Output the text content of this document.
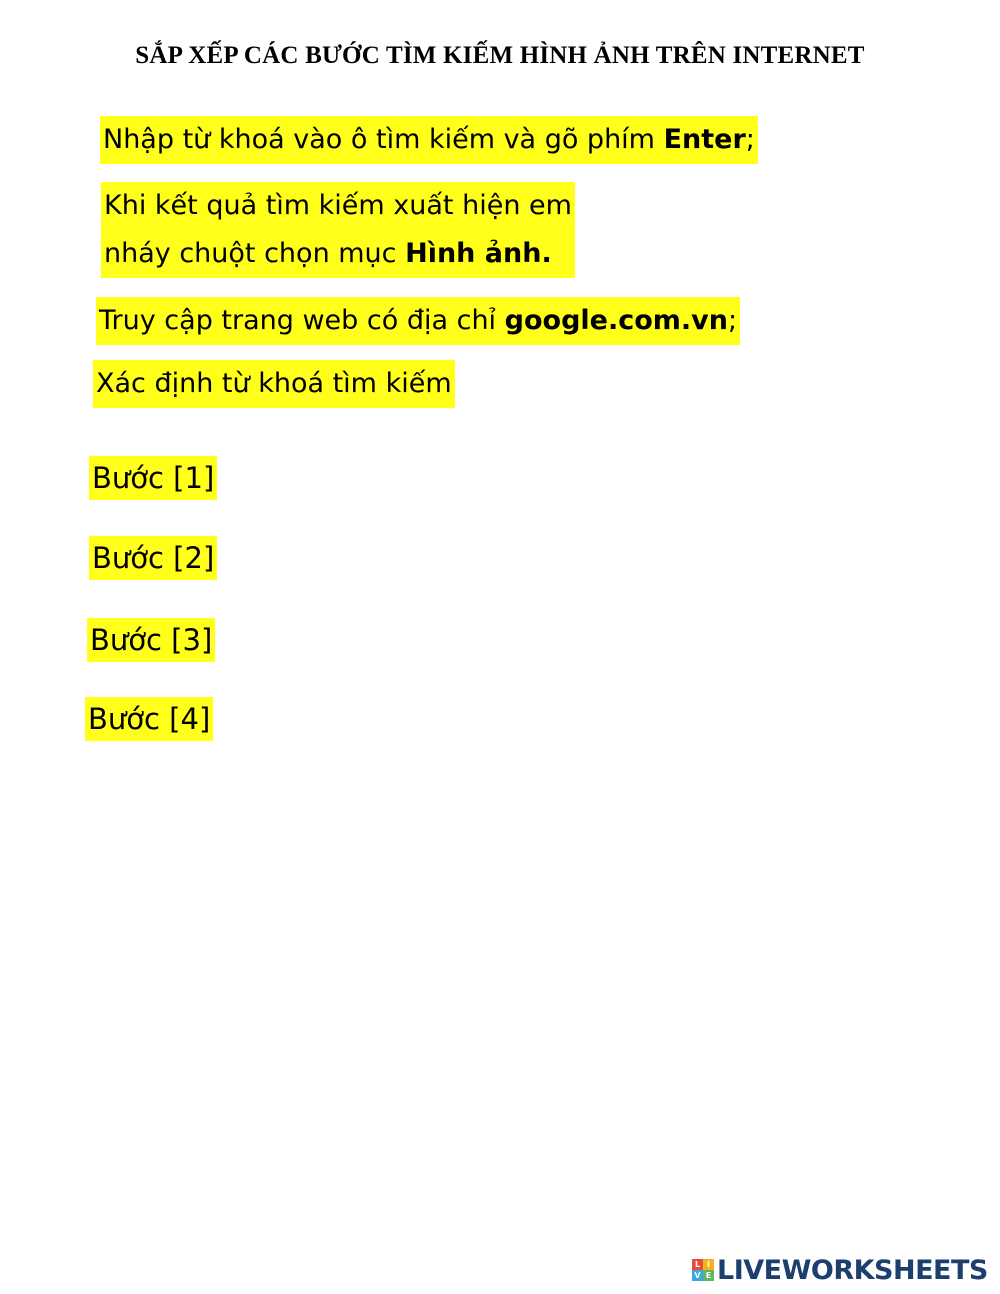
SẮP XẾP CÁC BƯỚC TÌM KIẾM HÌNH ẢNH TRÊN INTERNET
Nhập từ khoá vào ô tìm kiếm và gõ phím Enter;
Khi kết quả tìm kiếm xuất hiện em
nháy chuột chọn mục Hình ảnh.
Truy cập trang web có địa chỉ google.com.vn;
Xác định từ khoá tìm kiếm
Bước [1]
Bước [2]
Bước [3]
Bước [4]
L I
V E LIVEWORKSHEETS
